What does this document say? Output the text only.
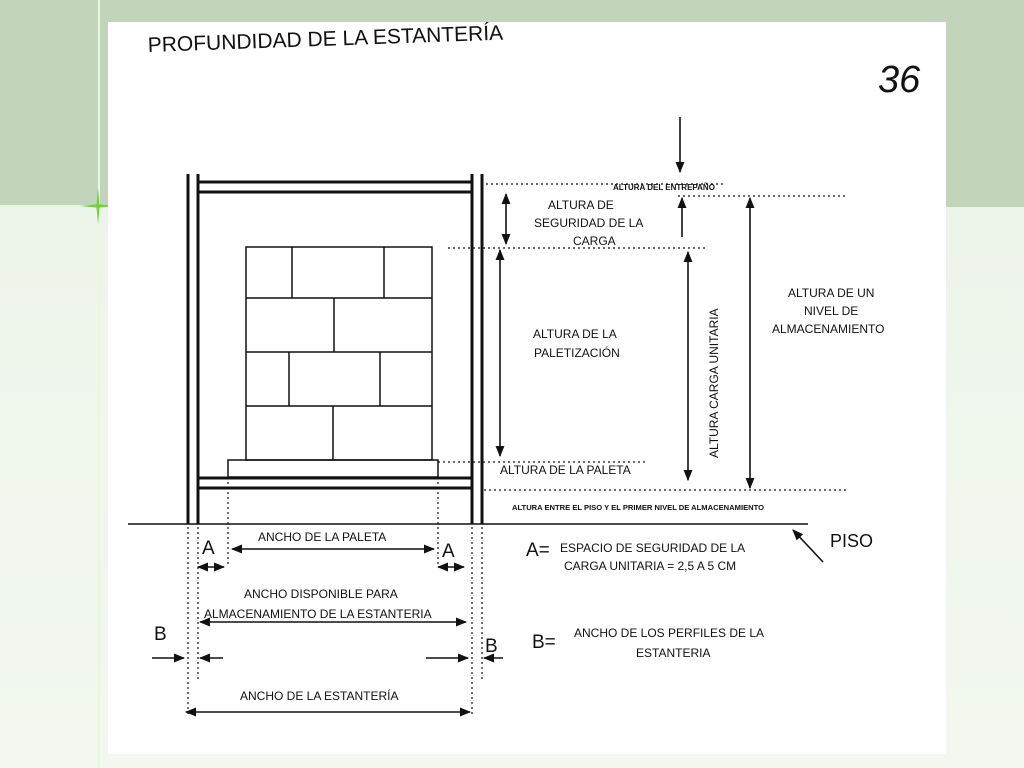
PROFUNDIDAD DE LA ESTANTERÍA
36
ALTURA DEL ENTREPAÑO
ALTURA DE
SEGURIDAD DE LA
CARGA
ALTURA DE LA
PALETIZACIÓN	ALTURA CARGA UNITARIA
ALTURA DE UN
NIVEL DE
ALMACENAMIENTO
ALTURA DE LA PALETA
ALTURA ENTRE EL PISO Y EL PRIMER NIVEL DE ALMACENAMIENTO
PISO
ANCHO DE LA PALETA
A	A	A= ESPACIO DE SEGURIDAD DE LA
CARGA UNITARIA = 2,5 A 5 CM
ANCHO DISPONIBLE PARA
ALMACENAMIENTO DE LA ESTANTERIA
B
B B= ANCHO DE LOS PERFILES DE LA
ESTANTERIA
ANCHO DE LA ESTANTERÍA
